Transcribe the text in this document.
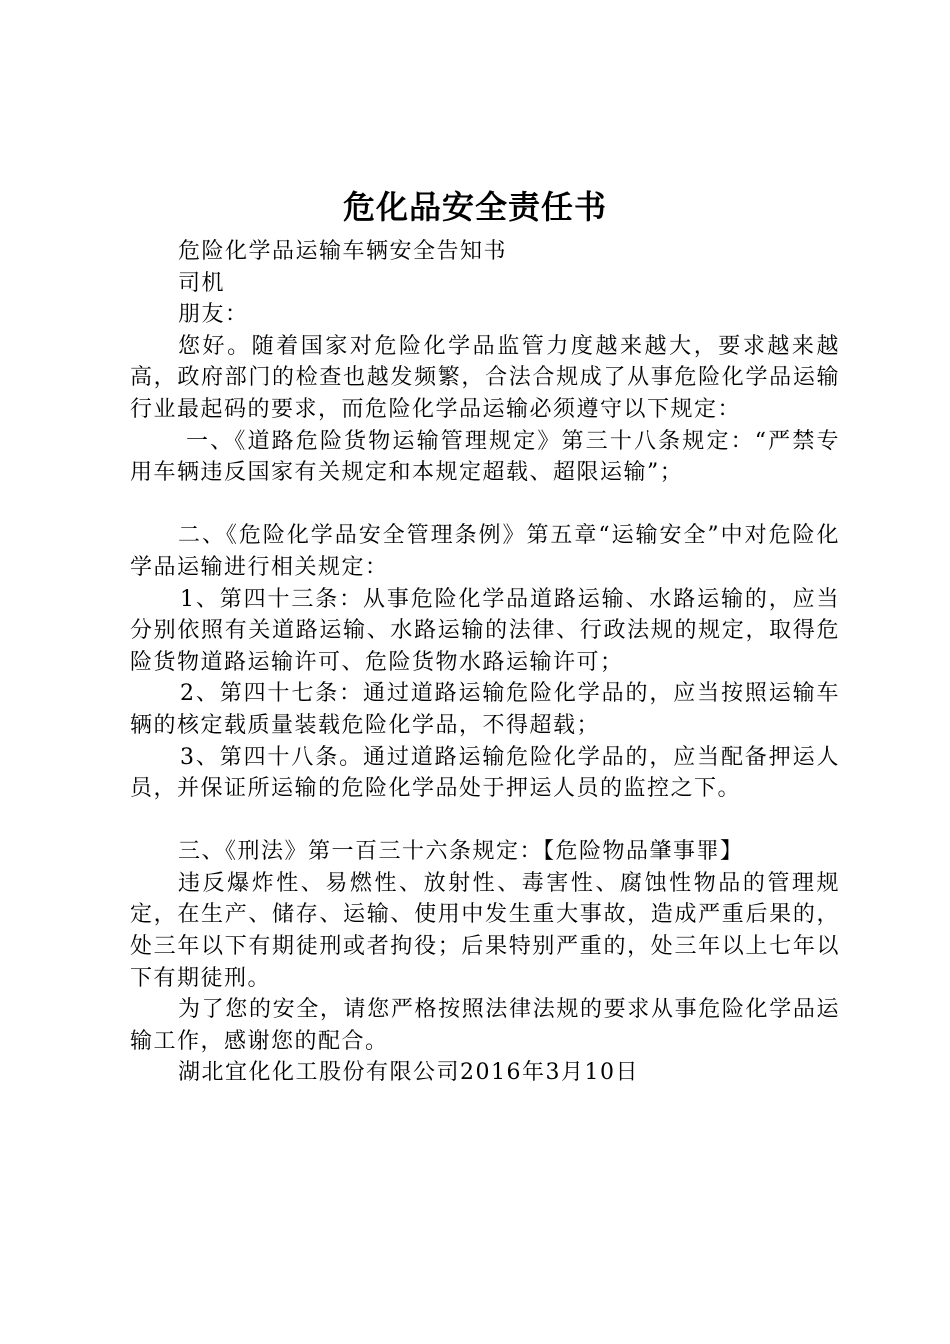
危化品安全责任书

危险化学品运输车辆安全告知书

司机

朋友：

您好。随着国家对危险化学品监管力度越来越大，要求越来越高，政府部门的检查也越发频繁，合法合规成了从事危险化学品运输行业最起码的要求，而危险化学品运输必须遵守以下规定：

一、《道路危险货物运输管理规定》第三十八条规定：“严禁专用车辆违反国家有关规定和本规定超载、超限运输”；

二、《危险化学品安全管理条例》第五章“运输安全”中对危险化学品运输进行相关规定：

1、第四十三条：从事危险化学品道路运输、水路运输的，应当分别依照有关道路运输、水路运输的法律、行政法规的规定，取得危险货物道路运输许可、危险货物水路运输许可；

2、第四十七条：通过道路运输危险化学品的，应当按照运输车辆的核定载质量装载危险化学品，不得超载；

3、第四十八条。通过道路运输危险化学品的，应当配备押运人员，并保证所运输的危险化学品处于押运人员的监控之下。

三、《刑法》第一百三十六条规定：【危险物品肇事罪】

违反爆炸性、易燃性、放射性、毒害性、腐蚀性物品的管理规定，在生产、储存、运输、使用中发生重大事故，造成严重后果的，处三年以下有期徒刑或者拘役；后果特别严重的，处三年以上七年以下有期徒刑。

为了您的安全，请您严格按照法律法规的要求从事危险化学品运输工作，感谢您的配合。

湖北宜化化工股份有限公司2016年3月10日
